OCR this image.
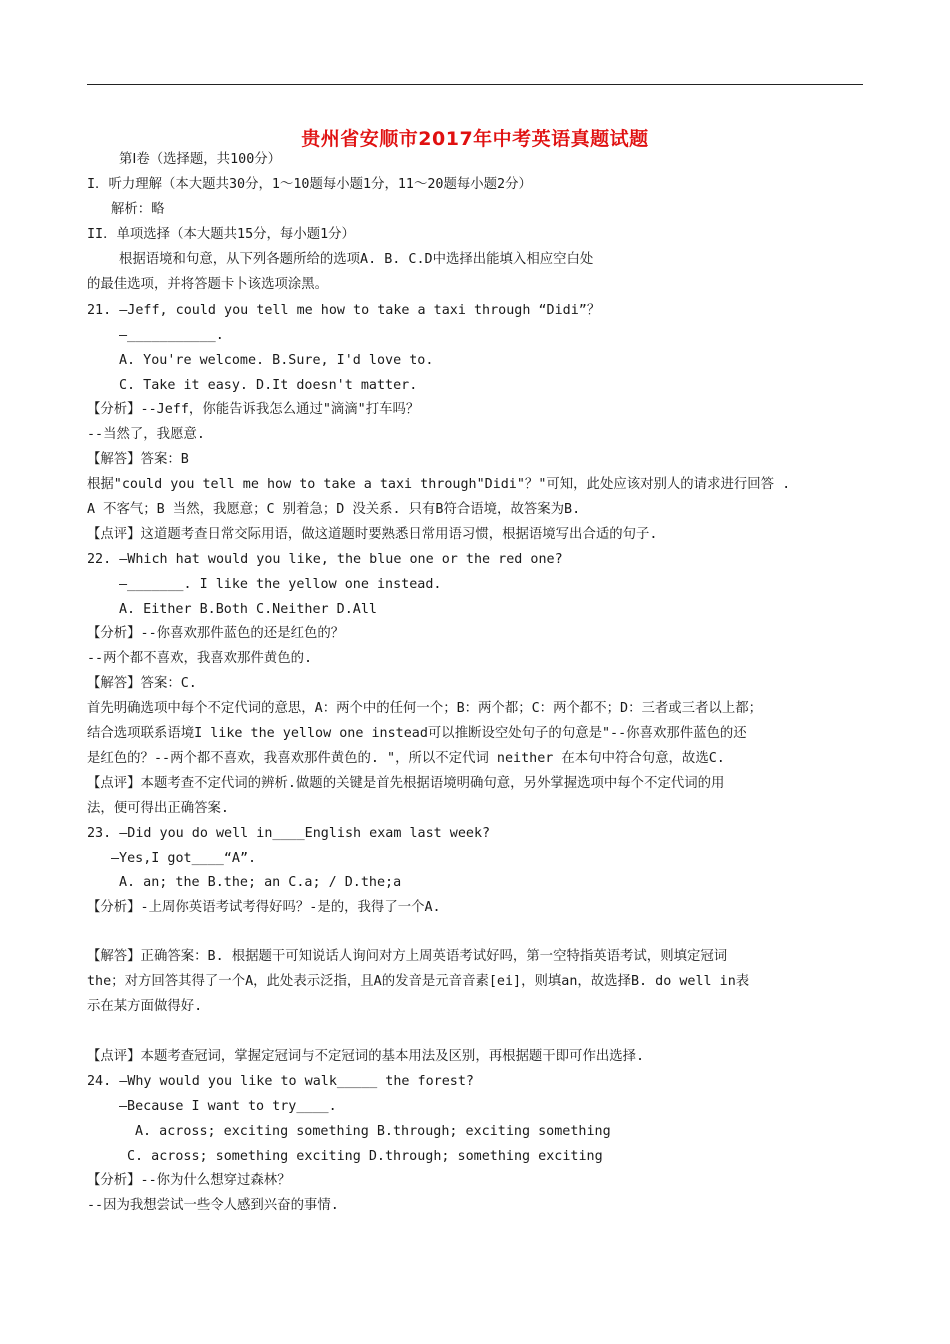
贵州省安顺市2017年中考英语真题试题
第Ⅰ卷（选择题，共100分）
I．听力理解（本大题共30分，1～10题每小题1分，11～20题每小题2分）
解析：略
II．单项选择（本大题共15分，每小题1分）
根据语境和句意，从下列各题所给的选项A. B. C.D中选择出能填入相应空白处
的最佳选项，并将答题卡卜该选项涂黑。
21. —Jeff, could you tell me how to take a taxi through “Didi”？
—___________.
A. You're welcome. B.Sure, I'd love to.
C. Take it easy. D.It doesn't matter.
【分析】--Jeff，你能告诉我怎么通过"滴滴"打车吗？
--当然了，我愿意.
【解答】答案：B
根据"could you tell me how to take a taxi through"Didi"？"可知，此处应该对别人的请求进行回答 .
A 不客气；B 当然，我愿意；C 别着急；D 没关系. 只有B符合语境，故答案为B.
【点评】这道题考查日常交际用语，做这道题时要熟悉日常用语习惯，根据语境写出合适的句子.
22. —Which hat would you like, the blue one or the red one?
—_______. I like the yellow one instead.
A. Either B.Both C.Neither D.All
【分析】--你喜欢那件蓝色的还是红色的？
--两个都不喜欢，我喜欢那件黄色的.
【解答】答案：C.
首先明确选项中每个不定代词的意思，A：两个中的任何一个；B：两个都；C：两个都不；D：三者或三者以上都；
结合选项联系语境I like the yellow one instead可以推断设空处句子的句意是"--你喜欢那件蓝色的还
是红色的？--两个都不喜欢，我喜欢那件黄色的. "，所以不定代词 neither 在本句中符合句意，故选C.
【点评】本题考查不定代词的辨析.做题的关键是首先根据语境明确句意，另外掌握选项中每个不定代词的用
法，便可得出正确答案.
23. —Did you do well in____English exam last week?
—Yes,I got____“A”.
A. an; the B.the; an C.a; / D.the;a
【分析】-上周你英语考试考得好吗？-是的，我得了一个A.
【解答】正确答案：B. 根据题干可知说话人询问对方上周英语考试好吗，第一空特指英语考试，则填定冠词
the；对方回答其得了一个A，此处表示泛指，且A的发音是元音音素[ei]，则填an，故选择B. do well in表
示在某方面做得好.
【点评】本题考查冠词，掌握定冠词与不定冠词的基本用法及区别，再根据题干即可作出选择.
24. —Why would you like to walk_____ the forest?
—Because I want to try____.
A. across; exciting something B.through; exciting something
C. across; something exciting D.through; something exciting
【分析】--你为什么想穿过森林？
--因为我想尝试一些令人感到兴奋的事情.
